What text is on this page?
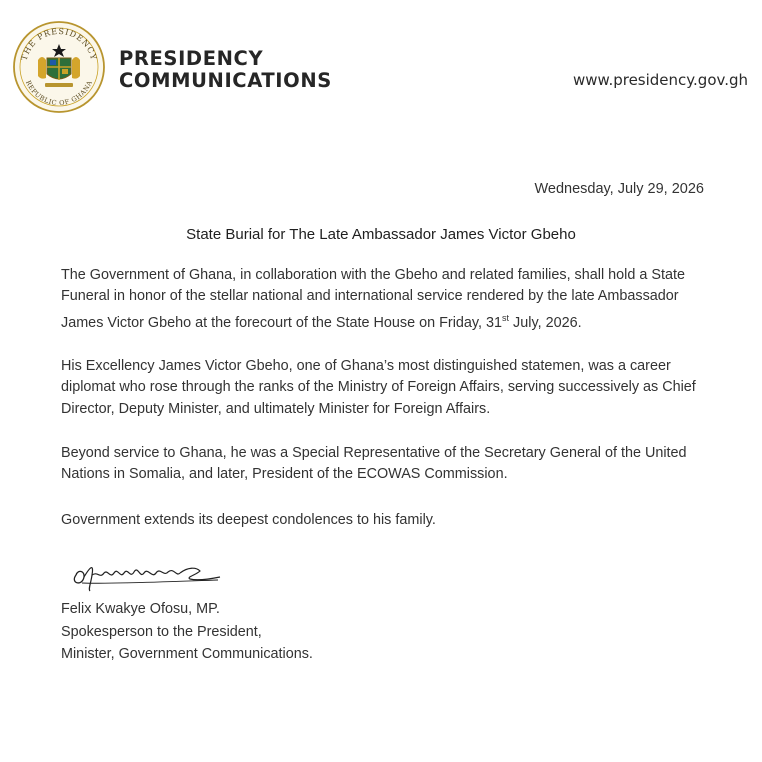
THE PRESIDENCY
REPUBLIC OF GHANA
PRESIDENCY
COMMUNICATIONS	www.presidency.gov.gh
Wednesday, July 29, 2026
State Burial for The Late Ambassador James Victor Gbeho
The Government of Ghana, in collaboration with the Gbeho and related families, shall hold a State
Funeral in honor of the stellar national and international service rendered by the late Ambassador
James Victor Gbeho at the forecourt of the State House on Friday, 31st July, 2026.
His Excellency James Victor Gbeho, one of Ghana’s most distinguished statemen, was a career
diplomat who rose through the ranks of the Ministry of Foreign Affairs, serving successively as Chief
Director, Deputy Minister, and ultimately Minister for Foreign Affairs.
Beyond service to Ghana, he was a Special Representative of the Secretary General of the United
Nations in Somalia, and later, President of the ECOWAS Commission.
Government extends its deepest condolences to his family.
Felix Kwakye Ofosu, MP.
Spokesperson to the President,
Minister, Government Communications.
